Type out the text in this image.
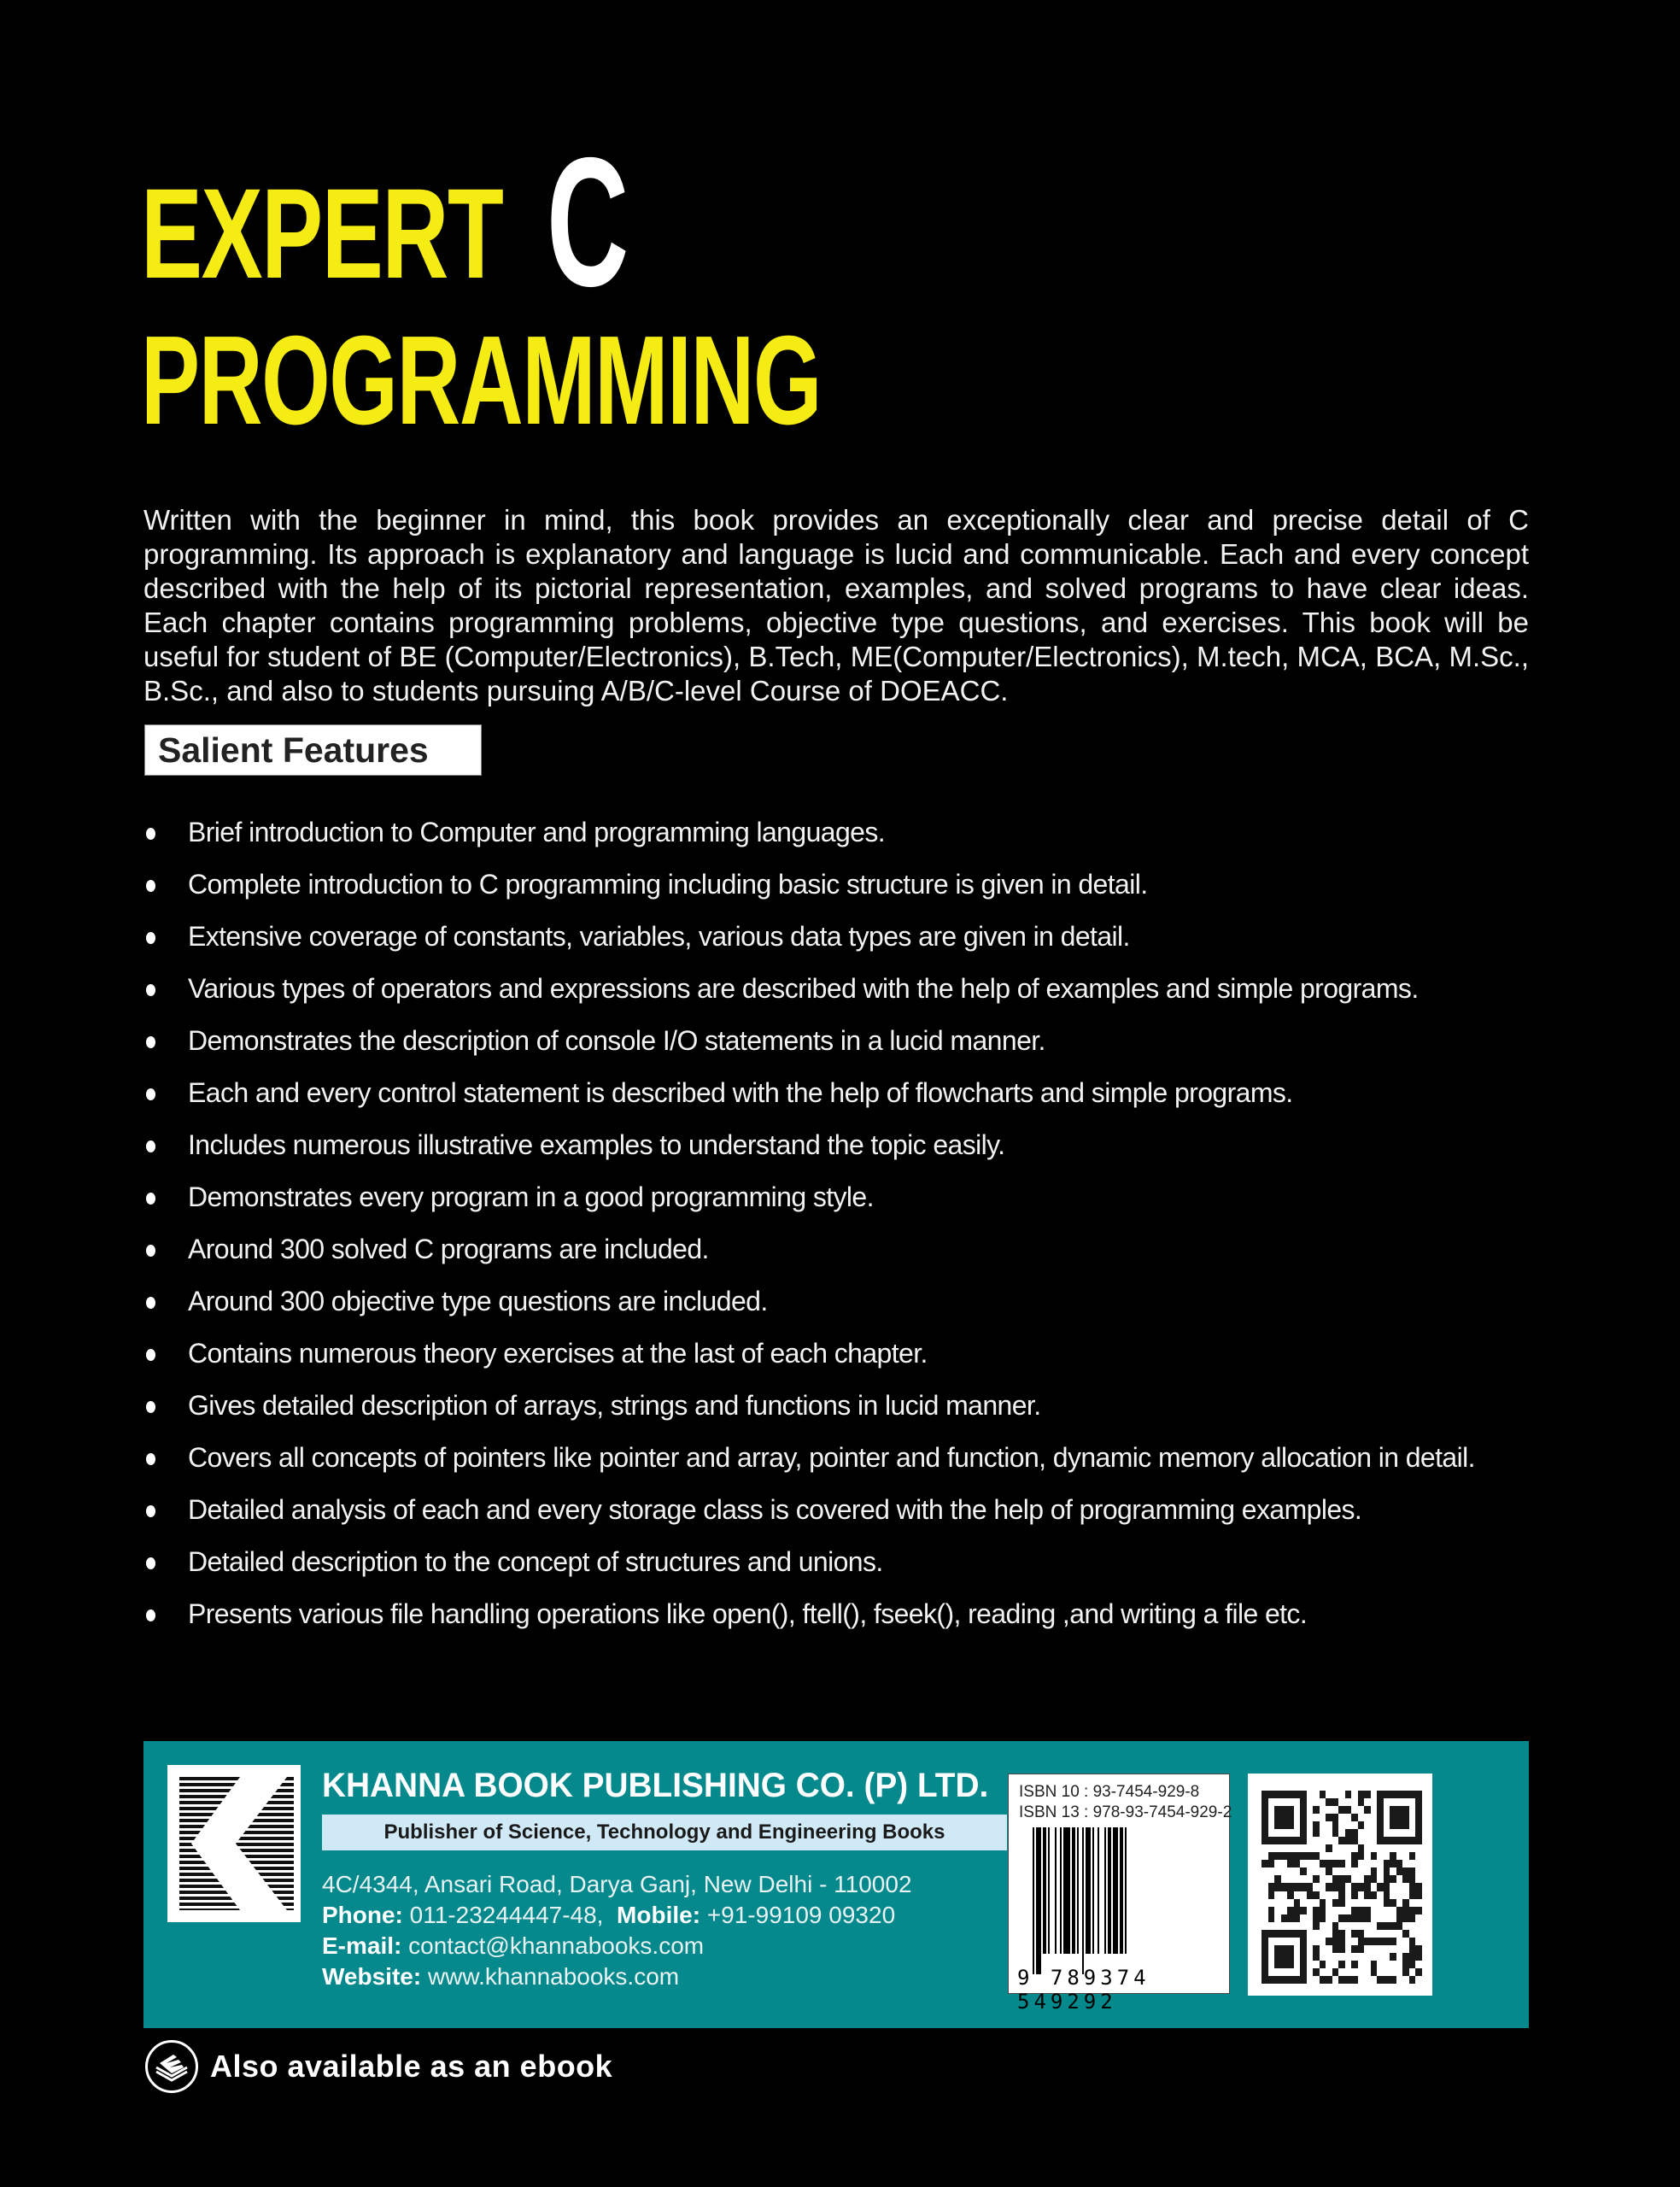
EXPERT C
PROGRAMMING

Written with the beginner in mind, this book provides an exceptionally clear and precise detail of C programming. Its approach is explanatory and language is lucid and communicable. Each and every concept described with the help of its pictorial representation, examples, and solved programs to have clear ideas. Each chapter contains programming problems, objective type questions, and exercises. This book will be useful for student of BE (Computer/Electronics), B.Tech, ME(Computer/Electronics), M.tech, MCA, BCA, M.Sc., B.Sc., and also to students pursuing A/B/C-level Course of DOEACC.

Salient Features
Brief introduction to Computer and programming languages.
Complete introduction to C programming including basic structure is given in detail.
Extensive coverage of constants, variables, various data types are given in detail.
Various types of operators and expressions are described with the help of examples and simple programs.
Demonstrates the description of console I/O statements in a lucid manner.
Each and every control statement is described with the help of flowcharts and simple programs.
Includes numerous illustrative examples to understand the topic easily.
Demonstrates every program in a good programming style.
Around 300 solved C programs are included.
Around 300 objective type questions are included.
Contains numerous theory exercises at the last of each chapter.
Gives detailed description of arrays, strings and functions in lucid manner.
Covers all concepts of pointers like pointer and array, pointer and function, dynamic memory allocation in detail.
Detailed analysis of each and every storage class is covered with the help of programming examples.
Detailed description to the concept of structures and unions.
Presents various file handling operations like open(), ftell(), fseek(), reading ,and writing a file etc.
KHANNA BOOK PUBLISHING CO. (P) LTD.
Publisher of Science, Technology and Engineering Books
4C/4344, Ansari Road, Darya Ganj, New Delhi - 110002
Phone: 011-23244447-48, Mobile: +91-99109 09320
E-mail: contact@khannabooks.com
Website: www.khannabooks.com
ISBN 10 : 93-7454-929-8
ISBN 13 : 978-93-7454-929-2
9 789374 549292
Also available as an ebook
